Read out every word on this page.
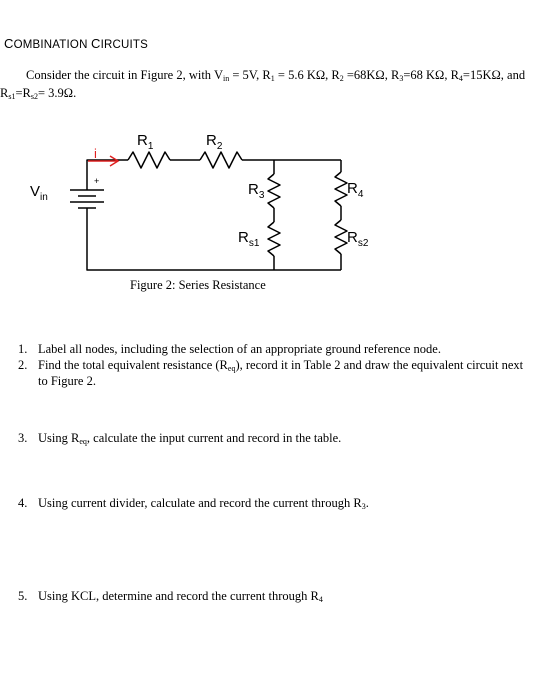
COMBINATION CIRCUITS
Consider the circuit in Figure 2, with $V_{in} = 5V$, $R_1 = 5.6$ KΩ, $R_2 =68K\Omega$, $R_3=68$ KΩ, $R_4=15K\Omega$, and
$R_{s1}=R_{s2}= 3.9\Omega$.
i
$R_1$	$R_2$
$R_3$	$R_4$
$R_{s1}$	$R_{s2}$
$V_{in}$
+
Figure 2: Series Resistance
1. Label all nodes, including the selection of an appropriate ground reference node.
2. Find the total equivalent resistance $(R_{eq})$, record it in Table 2 and draw the equivalent circuit next
to Figure 2.
3. Using $R_{eq}$, calculate the input current and record in the table.
4. Using current divider, calculate and record the current through $R_3$.
5. Using KCL, determine and record the current through $R_4$
